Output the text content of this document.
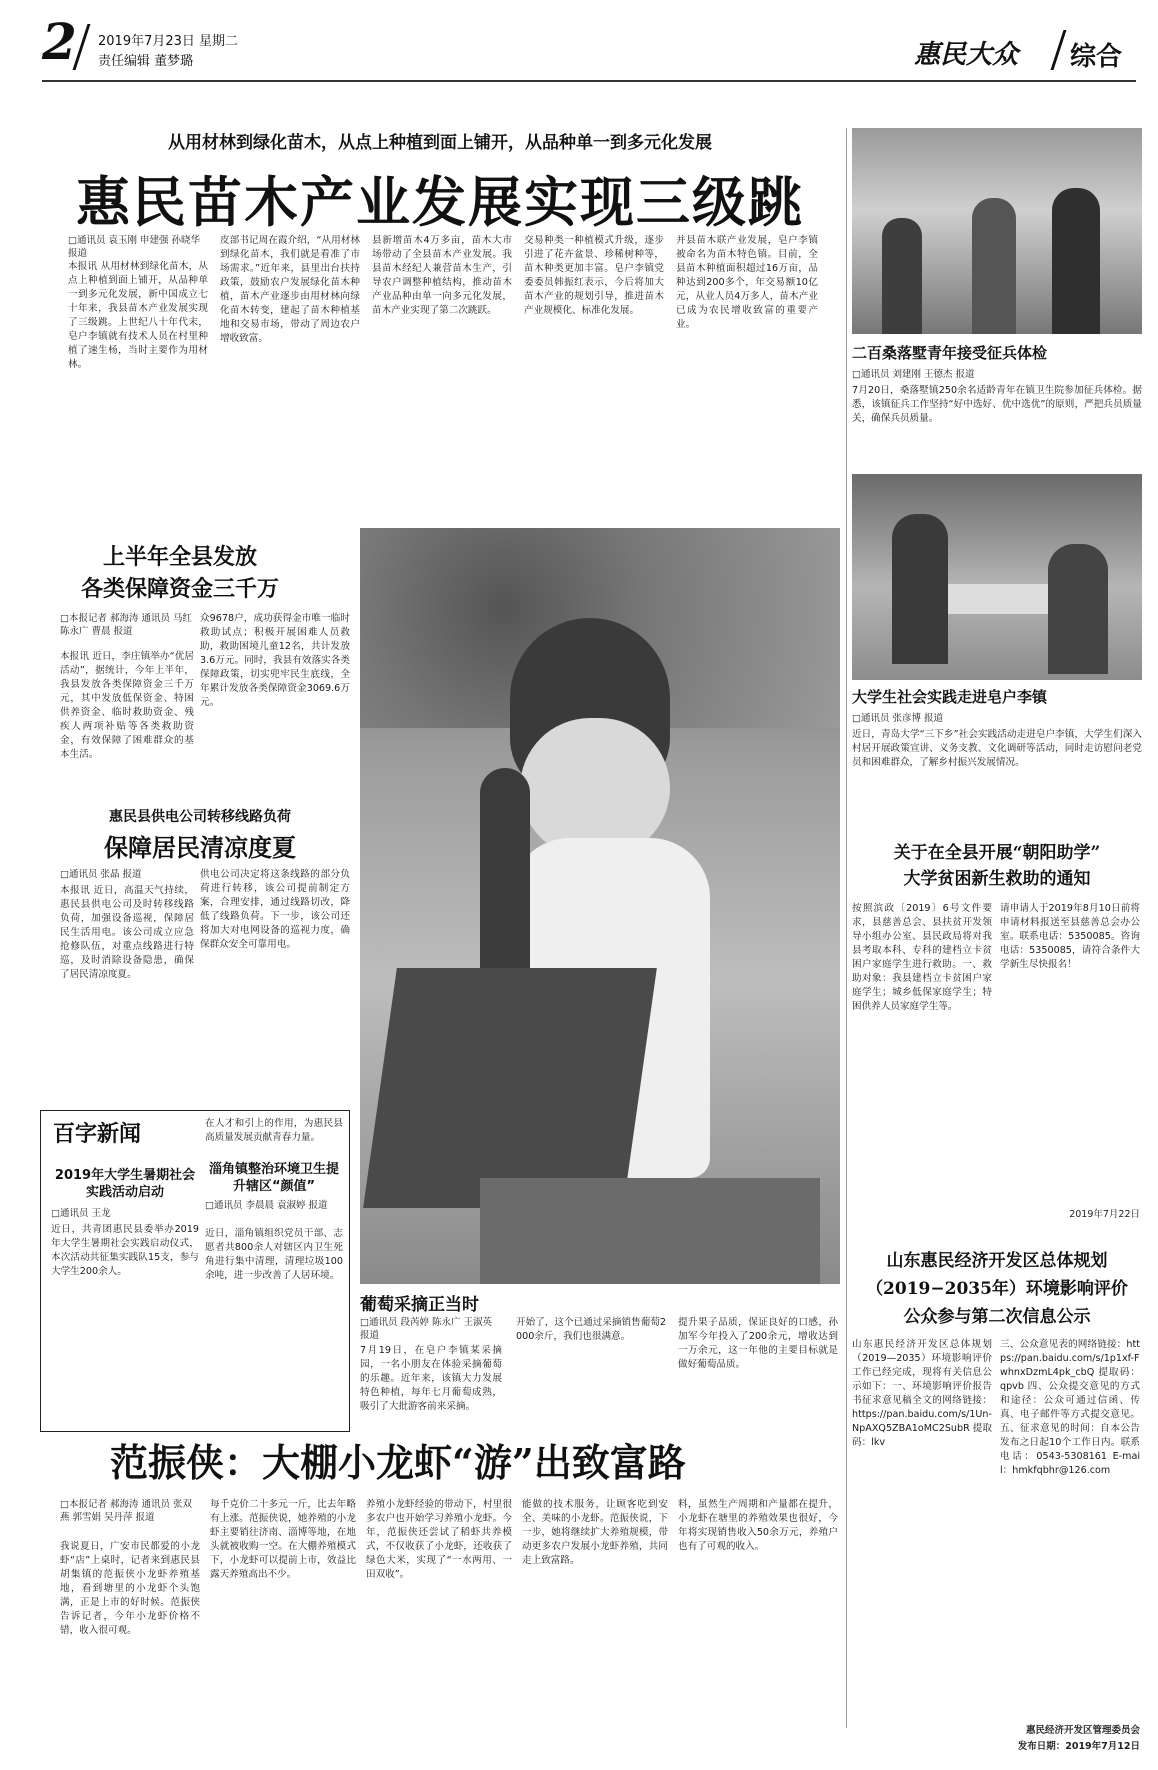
2 2019年7月23日 星期二
责任编辑 董梦璐	惠民大众 综合
从用材林到绿化苗木，从点上种植到面上铺开，从品种单一到多元化发展
惠民苗木产业发展实现三级跳
□通讯员 袁玉刚 申建强 孙晓华 报道
本报讯 从用材林到绿化苗木，从点上种植到面上铺开，从品种单一到多元化发展，新中国成立七十年来，我县苗木产业发展实现了三级跳。上世纪八十年代末，皂户李镇就有技术人员在村里种植了速生杨，当时主要作为用材林。
皮部书记周在霞介绍，“从用材林到绿化苗木，我们就是看准了市场需求。”近年来，县里出台扶持政策，鼓励农户发展绿化苗木种植，苗木产业逐步由用材林向绿化苗木转变，建起了苗木种植基地和交易市场，带动了周边农户增收致富。
县新增苗木4万多亩，苗木大市场带动了全县苗木产业发展。我县苗木经纪人兼营苗木生产，引导农户调整种植结构，推动苗木产业品种由单一向多元化发展，苗木产业实现了第二次跳跃。
交易种类一种植模式升级，逐步引进了花卉盆景、珍稀树种等，苗木种类更加丰富。皂户李镇党委委员韩振红表示，今后将加大苗木产业的规划引导，推进苗木产业规模化、标准化发展。
并县苗木联产业发展，皂户李镇被命名为苗木特色镇。目前，全县苗木种植面积超过16万亩，品种达到200多个，年交易额10亿元，从业人员4万多人，苗木产业已成为农民增收致富的重要产业。
二百桑落墅青年接受征兵体检
□通讯员 刘建刚 王德杰 报道
7月20日，桑落墅镇250余名适龄青年在镇卫生院参加征兵体检。据悉，该镇征兵工作坚持“好中选好、优中选优”的原则，严把兵员质量关，确保兵员质量。
大学生社会实践走进皂户李镇
□通讯员 张彦博 报道
近日，青岛大学“三下乡”社会实践活动走进皂户李镇，大学生们深入村居开展政策宣讲、义务支教、文化调研等活动，同时走访慰问老党员和困难群众，了解乡村振兴发展情况。
上半年全县发放
各类保障资金三千万
□本报记者 郝海涛 通讯员 马红 陈永广 曹晨 报道
本报讯 近日，李庄镇举办“优居活动”，据统计，今年上半年，我县发放各类保障资金三千万元，其中发放低保资金、特困供养资金、临时救助资金、残疾人两项补贴等各类救助资金，有效保障了困难群众的基本生活。
众9678户，成功获得金市唯一临时救助试点；积极开展困难人员救助，救助困境儿童12名，共计发放3.6万元。同时，我县有效落实各类保障政策，切实兜牢民生底线，全年累计发放各类保障资金3069.6万元。
惠民县供电公司转移线路负荷
保障居民清凉度夏
□通讯员 张晶 报道
本报讯 近日，高温天气持续，惠民县供电公司及时转移线路负荷，加强设备巡视，保障居民生活用电。该公司成立应急抢修队伍，对重点线路进行特巡，及时消除设备隐患，确保了居民清凉度夏。
供电公司决定将这条线路的部分负荷进行转移，该公司提前制定方案，合理安排，通过线路切改，降低了线路负荷。下一步，该公司还将加大对电网设备的巡视力度，确保群众安全可靠用电。
百字新闻
2019年大学生暑期社会实践活动启动
□通讯员 王龙
近日，共青团惠民县委举办2019年大学生暑期社会实践启动仪式，本次活动共征集实践队15支，参与大学生200余人。
在人才和引上的作用，为惠民县高质量发展贡献青春力量。
淄角镇整治环境卫生提升辖区“颜值”
□通讯员 李晨晨 袁淑婷 报道
近日，淄角镇组织党员干部、志愿者共800余人对辖区内卫生死角进行集中清理，清理垃圾100余吨，进一步改善了人居环境。
葡萄采摘正当时
□通讯员 段芮婷 陈永广 王淑英 报道
7月19日，在皂户李镇某采摘园，一名小朋友在体验采摘葡萄的乐趣。近年来，该镇大力发展特色种植，每年七月葡萄成熟，吸引了大批游客前来采摘。
开始了，这个已通过采摘销售葡萄2000余斤，我们也很满意。
提升果子品质，保证良好的口感，孙加军今年投入了200余元，增收达到一万余元，这一年他的主要目标就是做好葡萄品质。
关于在全县开展“朝阳助学”
大学贫困新生救助的通知
按照滨政〔2019〕6号文件要求，县慈善总会、县扶贫开发领导小组办公室、县民政局将对我县考取本科、专科的建档立卡贫困户家庭学生进行救助。一、救助对象：我县建档立卡贫困户家庭学生；城乡低保家庭学生；特困供养人员家庭学生等。
请申请人于2019年8月10日前将申请材料报送至县慈善总会办公室。联系电话：5350085。咨询电话：5350085，请符合条件大学新生尽快报名！
2019年7月22日
山东惠民经济开发区总体规划
（2019−2035年）环境影响评价
公众参与第二次信息公示
山东惠民经济开发区总体规划（2019—2035）环境影响评价工作已经完成，现将有关信息公示如下：一、环境影响评价报告书征求意见稿全文的网络链接：https://pan.baidu.com/s/1Un-NpAXQ5ZBA1oMC2SubR 提取码：lkv
三、公众意见表的网络链接：https://pan.baidu.com/s/1p1xf-FwhnxDzmL4pk_cbQ 提取码：qpvb 四、公众提交意见的方式和途径：公众可通过信函、传真、电子邮件等方式提交意见。五、征求意见的时间：自本公告发布之日起10个工作日内。联系电话：0543-5308161 E-mail：hmkfqbhr@126.com
惠民经济开发区管理委员会
发布日期：2019年7月12日
范振侠：大棚小龙虾“游”出致富路
□本报记者 郝海涛 通讯员 张双燕 郭雪娟 吴丹萍 报道
我说夏日，广安市民都爱的小龙虾“店”上桌时，记者来到惠民县胡集镇的范振侠小龙虾养殖基地，看到塘里的小龙虾个头饱满，正是上市的好时候。范振侠告诉记者，今年小龙虾价格不错，收入很可观。
每千克价二十多元一斤，比去年略有上涨。范振侠说，她养殖的小龙虾主要销往济南、淄博等地，在地头就被收购一空。在大棚养殖模式下，小龙虾可以提前上市，效益比露天养殖高出不少。
养殖小龙虾经验的带动下，村里很多农户也开始学习养殖小龙虾。今年，范振侠还尝试了稻虾共养模式，不仅收获了小龙虾，还收获了绿色大米，实现了“一水两用、一田双收”。
能做的技术服务，让顾客吃到安全、美味的小龙虾。范振侠说，下一步，她将继续扩大养殖规模，带动更多农户发展小龙虾养殖，共同走上致富路。
料，虽然生产周期和产量都在提升，小龙虾在塘里的养殖效果也很好，今年将实现销售收入50余万元，养殖户也有了可观的收入。
